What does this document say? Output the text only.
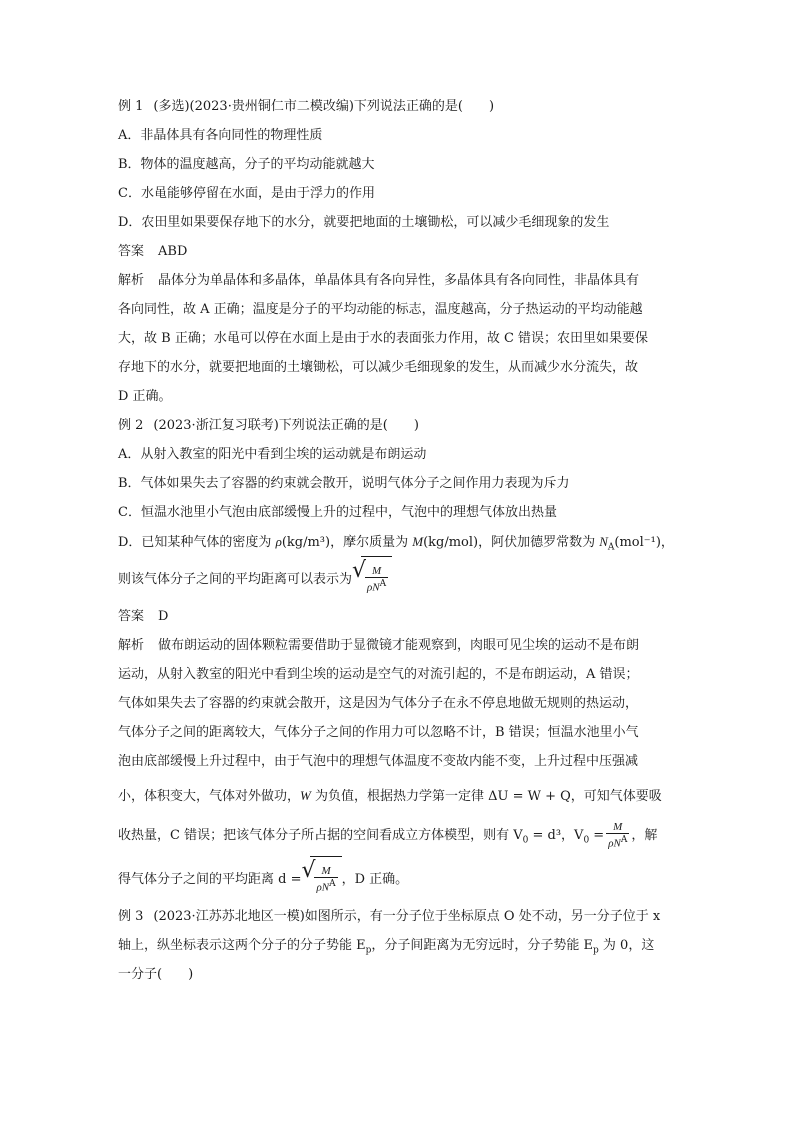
例 1 (多选)(2023·贵州铜仁市二模改编)下列说法正确的是(　　)
A．非晶体具有各向同性的物理性质
B．物体的温度越高，分子的平均动能就越大
C．水黾能够停留在水面，是由于浮力的作用
D．农田里如果要保存地下的水分，就要把地面的土壤锄松，可以减少毛细现象的发生
答案 ABD
解析 晶体分为单晶体和多晶体，单晶体具有各向异性，多晶体具有各向同性，非晶体具有
各向同性，故 A 正确；温度是分子的平均动能的标志，温度越高，分子热运动的平均动能越
大，故 B 正确；水黾可以停在水面上是由于水的表面张力作用，故 C 错误；农田里如果要保
存地下的水分，就要把地面的土壤锄松，可以减少毛细现象的发生，从而减少水分流失，故
D 正确。
例 2 (2023·浙江复习联考)下列说法正确的是(　　)
A．从射入教室的阳光中看到尘埃的运动就是布朗运动
B．气体如果失去了容器的约束就会散开，说明气体分子之间作用力表现为斥力
C．恒温水池里小气泡由底部缓慢上升的过程中，气泡中的理想气体放出热量
D．已知某种气体的密度为 ρ(kg/m³)，摩尔质量为 M(kg/mol)，阿伏加德罗常数为 $N_A(mol^{-1})$，
则该气体分子之间的平均距离可以表示为 √
$\frac{M}{\rho N^A}$
答案 D
解析 做布朗运动的固体颗粒需要借助于显微镜才能观察到，肉眼可见尘埃的运动不是布朗
运动，从射入教室的阳光中看到尘埃的运动是空气的对流引起的，不是布朗运动，A 错误；
气体如果失去了容器的约束就会散开，这是因为气体分子在永不停息地做无规则的热运动，
气体分子之间的距离较大，气体分子之间的作用力可以忽略不计，B 错误；恒温水池里小气
泡由底部缓慢上升过程中，由于气泡中的理想气体温度不变故内能不变，上升过程中压强减
小，体积变大，气体对外做功，W 为负值，根据热力学第一定律 ΔU = W + Q，可知气体要吸
收热量，C 错误；把该气体分子所占据的空间看成立方体模型，则有 $V_0 = d^3$，$V_0 = \frac{M}{\rho N^A}$ ，解
得气体分子之间的平均距离 d = √
$\frac{M}{\rho N^A}$ ，D 正确。
例 3 (2023·江苏苏北地区一模)如图所示，有一分子位于坐标原点 O 处不动，另一分子位于 x
轴上，纵坐标表示这两个分子的分子势能 $E_p$，分子间距离为无穷远时，分子势能 $E_p$ 为 0，这
一分子(　　)
